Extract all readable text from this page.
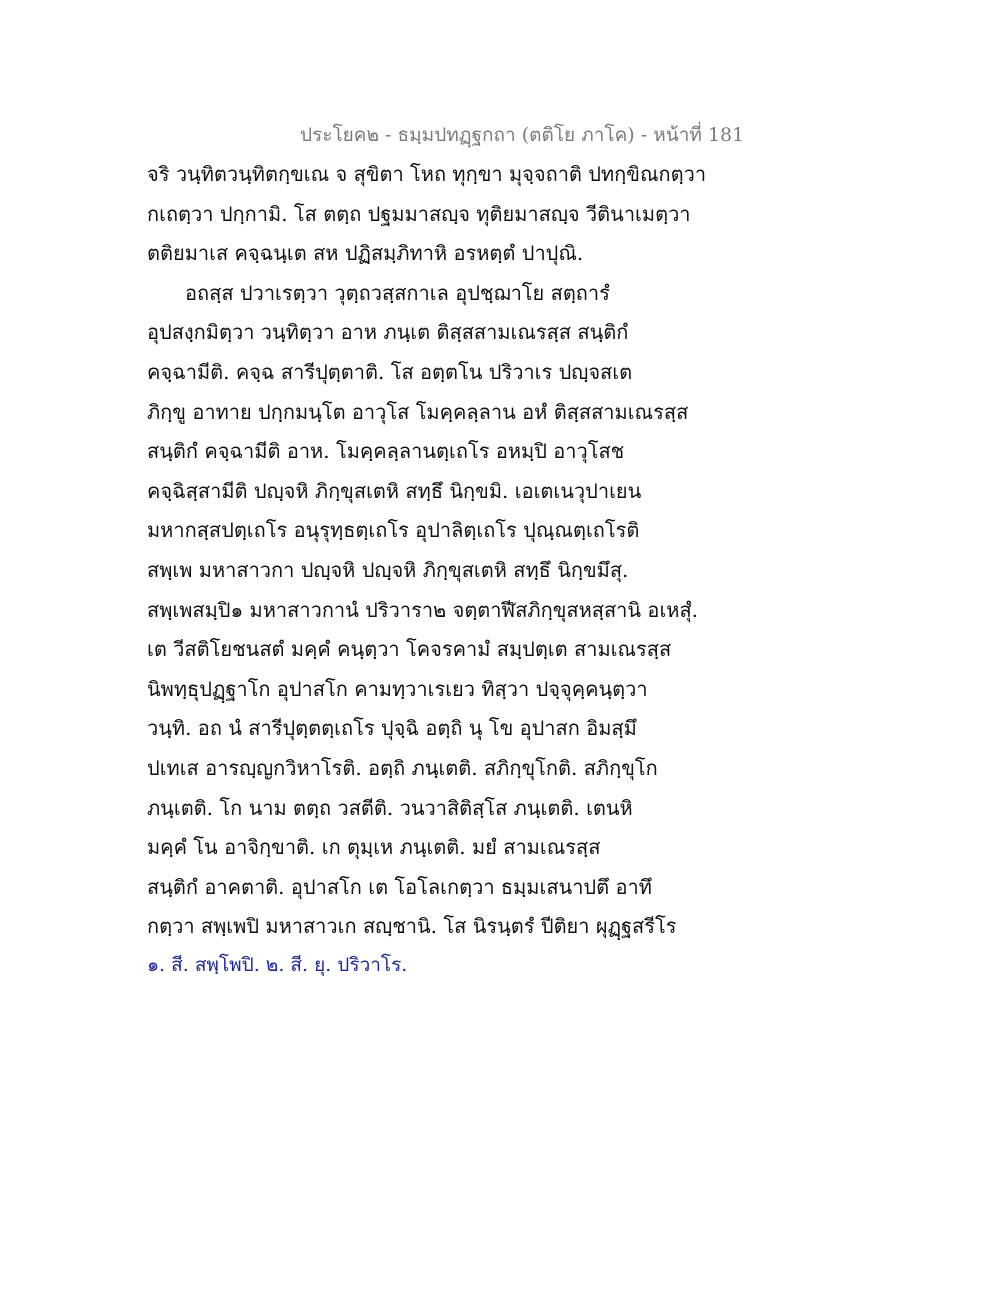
ประโยค๒ - ธมฺมปทฏฺฐกถา (ตติโย ภาโค) - หน้าที่ 181
จริ วนฺทิตวนฺทิตกฺขเณ จ สุขิตา โหถ ทุกฺขา มุจฺจถาติ ปทกฺขิณกตฺวา
กเถตฺวา ปกฺกามิ. โส ตตฺถ ปฐมมาสญฺจ ทุติยมาสญฺจ วีตินาเมตฺวา
ตติยมาเส คจฺฉนฺเต สห ปฏิสมฺภิทาหิ อรหตฺตํ ปาปุณิ.
อถสฺส ปวาเรตฺวา วุตฺถวสฺสกาเล อุปชฺฌาโย สตฺถารํ
อุปสงฺกมิตฺวา วนฺทิตฺวา อาห ภนฺเต ติสฺสสามเณรสฺส สนฺติกํ
คจฺฉามีติ. คจฺฉ สารีปุตฺตาติ. โส อตฺตโน ปริวาเร ปญฺจสเต
ภิกฺขู อาทาย ปกฺกมนฺโต อาวุโส โมคฺคลฺลาน อหํ ติสฺสสามเณรสฺส
สนฺติกํ คจฺฉามีติ อาห. โมคฺคลฺลานตฺเถโร อหมฺปิ อาวุโสช
คจฺฉิสฺสามีติ ปญฺจหิ ภิกฺขุสเตหิ สทฺธึ นิกฺขมิ. เอเตเนวุปาเยน
มหากสฺสปตฺเถโร อนุรุทฺธตฺเถโร อุปาลิตฺเถโร ปุณฺณตฺเถโรติ
สพฺเพ มหาสาวกา ปญฺจหิ ปญฺจหิ ภิกฺขุสเตหิ สทฺธึ นิกฺขมึสุ.
สพฺเพสมฺปิ๑ มหาสาวกานํ ปริวารา๒ จตฺตาฬีสภิกฺขุสหสฺสานิ อเหสุํ.
เต วีสติโยชนสตํ มคฺคํ คนฺตฺวา โคจรคามํ สมฺปตฺเต สามเณรสฺส
นิพทฺธุปฏฺฐาโก อุปาสโก คามทฺวาเรเยว ทิสฺวา ปจฺจุคฺคนฺตฺวา
วนฺทิ. อถ นํ สารีปุตฺตตฺเถโร ปุจฺฉิ อตฺถิ นุ โข อุปาสก อิมสฺมึ
ปเทเส อารญฺญกวิหาโรติ. อตฺถิ ภนฺเตติ. สภิกฺขุโกติ. สภิกฺขุโก
ภนฺเตติ. โก นาม ตตฺถ วสตีติ. วนวาสิติสฺโส ภนฺเตติ. เตนหิ
มคฺคํ โน อาจิกฺขาติ. เก ตุมฺเห ภนฺเตติ. มยํ สามเณรสฺส
สนฺติกํ อาคตาติ. อุปาสโก เต โอโลเกตฺวา ธมฺมเสนาปตึ อาทึ
กตฺวา สพฺเพปิ มหาสาวเก สญฺชานิ. โส นิรนฺตรํ ปีติยา ผุฏฺฐสรีโร
๑. สี. สพฺโพปิ. ๒. สี. ยุ. ปริวาโร.
